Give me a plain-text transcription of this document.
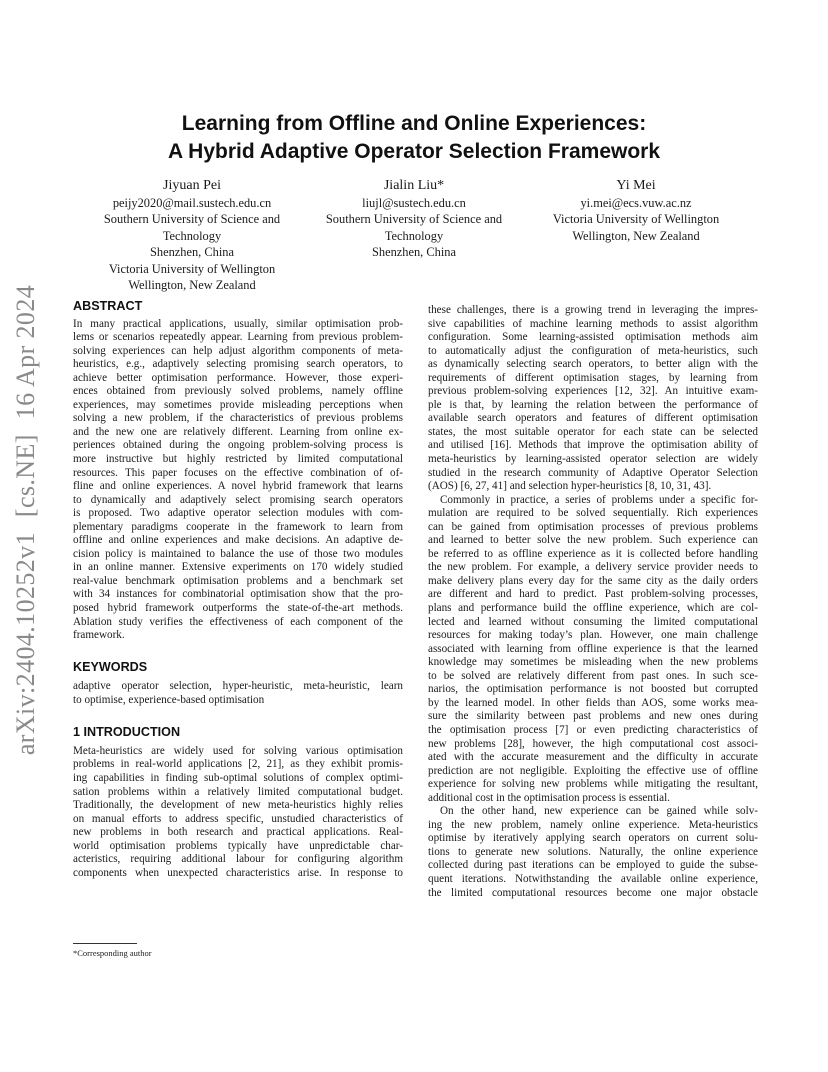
arXiv:2404.10252v1 [cs.NE] 16 Apr 2024
Learning from Offline and Online Experiences:
A Hybrid Adaptive Operator Selection Framework
Jiyuan Pei
peijy2020@mail.sustech.edu.cn
Southern University of Science and
Technology
Shenzhen, China
Victoria University of Wellington
Wellington, New Zealand
Jialin Liu*
liujl@sustech.edu.cn
Southern University of Science and
Technology
Shenzhen, China
Yi Mei
yi.mei@ecs.vuw.ac.nz
Victoria University of Wellington
Wellington, New Zealand
ABSTRACT
In many practical applications, usually, similar optimisation prob-
lems or scenarios repeatedly appear. Learning from previous problem-
solving experiences can help adjust algorithm components of meta-
heuristics, e.g., adaptively selecting promising search operators, to
achieve better optimisation performance. However, those experi-
ences obtained from previously solved problems, namely offline
experiences, may sometimes provide misleading perceptions when
solving a new problem, if the characteristics of previous problems
and the new one are relatively different. Learning from online ex-
periences obtained during the ongoing problem-solving process is
more instructive but highly restricted by limited computational
resources. This paper focuses on the effective combination of of-
fline and online experiences. A novel hybrid framework that learns
to dynamically and adaptively select promising search operators
is proposed. Two adaptive operator selection modules with com-
plementary paradigms cooperate in the framework to learn from
offline and online experiences and make decisions. An adaptive de-
cision policy is maintained to balance the use of those two modules
in an online manner. Extensive experiments on 170 widely studied
real-value benchmark optimisation problems and a benchmark set
with 34 instances for combinatorial optimisation show that the pro-
posed hybrid framework outperforms the state-of-the-art methods.
Ablation study verifies the effectiveness of each component of the
framework.
KEYWORDS
adaptive operator selection, hyper-heuristic, meta-heuristic, learn
to optimise, experience-based optimisation
1 INTRODUCTION
Meta-heuristics are widely used for solving various optimisation
problems in real-world applications [2, 21], as they exhibit promis-
ing capabilities in finding sub-optimal solutions of complex optimi-
sation problems within a relatively limited computational budget.
Traditionally, the development of new meta-heuristics highly relies
on manual efforts to address specific, unstudied characteristics of
new problems in both research and practical applications. Real-
world optimisation problems typically have unpredictable char-
acteristics, requiring additional labour for configuring algorithm
components when unexpected characteristics arise. In response to
these challenges, there is a growing trend in leveraging the impres-
sive capabilities of machine learning methods to assist algorithm
configuration. Some learning-assisted optimisation methods aim
to automatically adjust the configuration of meta-heuristics, such
as dynamically selecting search operators, to better align with the
requirements of different optimisation stages, by learning from
previous problem-solving experiences [12, 32]. An intuitive exam-
ple is that, by learning the relation between the performance of
available search operators and features of different optimisation
states, the most suitable operator for each state can be selected
and utilised [16]. Methods that improve the optimisation ability of
meta-heuristics by learning-assisted operator selection are widely
studied in the research community of Adaptive Operator Selection
(AOS) [6, 27, 41] and selection hyper-heuristics [8, 10, 31, 43].
Commonly in practice, a series of problems under a specific for-
mulation are required to be solved sequentially. Rich experiences
can be gained from optimisation processes of previous problems
and learned to better solve the new problem. Such experience can
be referred to as offline experience as it is collected before handling
the new problem. For example, a delivery service provider needs to
make delivery plans every day for the same city as the daily orders
are different and hard to predict. Past problem-solving processes,
plans and performance build the offline experience, which are col-
lected and learned without consuming the limited computational
resources for making today’s plan. However, one main challenge
associated with learning from offline experience is that the learned
knowledge may sometimes be misleading when the new problems
to be solved are relatively different from past ones. In such sce-
narios, the optimisation performance is not boosted but corrupted
by the learned model. In other fields than AOS, some works mea-
sure the similarity between past problems and new ones during
the optimisation process [7] or even predicting characteristics of
new problems [28], however, the high computational cost associ-
ated with the accurate measurement and the difficulty in accurate
prediction are not negligible. Exploiting the effective use of offline
experience for solving new problems while mitigating the resultant,
additional cost in the optimisation process is essential.
On the other hand, new experience can be gained while solv-
ing the new problem, namely online experience. Meta-heuristics
optimise by iteratively applying search operators on current solu-
tions to generate new solutions. Naturally, the online experience
collected during past iterations can be employed to guide the subse-
quent iterations. Notwithstanding the available online experience,
the limited computational resources become one major obstacle
*Corresponding author
